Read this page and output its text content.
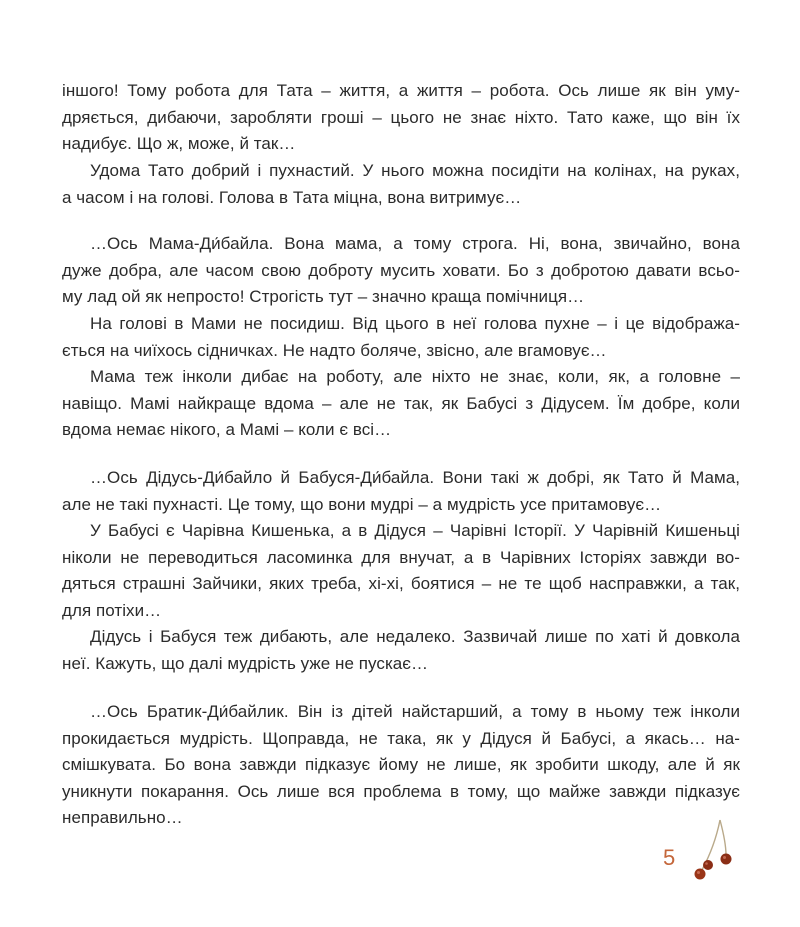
іншого! Тому робота для Тата – життя, а життя – робота. Ось лише як він уму-
дряється, дибаючи, заробляти гроші – цього не знає ніхто. Тато каже, що він їх
надибує. Що ж, може, й так…
Удома Тато добрий і пухнастий. У нього можна посидіти на колінах, на руках,
а часом і на голові. Голова в Тата міцна, вона витримує…
…Ось Мама-Ди́байла. Вона мама, а тому строга. Ні, вона, звичайно, вона
дуже добра, але часом свою доброту мусить ховати. Бо з добротою давати всьо-
му лад ой як непросто! Строгість тут – значно краща помічниця…
На голові в Мами не посидиш. Від цього в неї голова пухне – і це відобража-
ється на чиїхось сідничках. Не надто боляче, звісно, але вгамовує…
Мама теж інколи дибає на роботу, але ніхто не знає, коли, як, а головне –
навіщо. Мамі найкраще вдома – але не так, як Бабусі з Дідусем. Їм добре, коли
вдома немає нікого, а Мамі – коли є всі…
…Ось Дідусь-Ди́байло й Бабуся-Ди́байла. Вони такі ж добрі, як Тато й Мама,
але не такі пухнасті. Це тому, що вони мудрі – а мудрість усе притамовує…
У Бабусі є Чарівна Кишенька, а в Дідуся – Чарівні Історії. У Чарівній Кишеньці
ніколи не переводиться ласоминка для внучат, а в Чарівних Історіях завжди во-
дяться страшні Зайчики, яких треба, хі-хі, боятися – не те щоб насправжки, а так,
для потіхи…
Дідусь і Бабуся теж дибають, але недалеко. Зазвичай лише по хаті й довкола
неї. Кажуть, що далі мудрість уже не пускає…
…Ось Братик-Ди́байлик. Він із дітей найстарший, а тому в ньому теж інколи
прокидається мудрість. Щоправда, не така, як у Дідуся й Бабусі, а якась… на-
смішкувата. Бо вона завжди підказує йому не лише, як зробити шкоду, але й як
уникнути покарання. Ось лише вся проблема в тому, що майже завжди підказує
неправильно…
5
